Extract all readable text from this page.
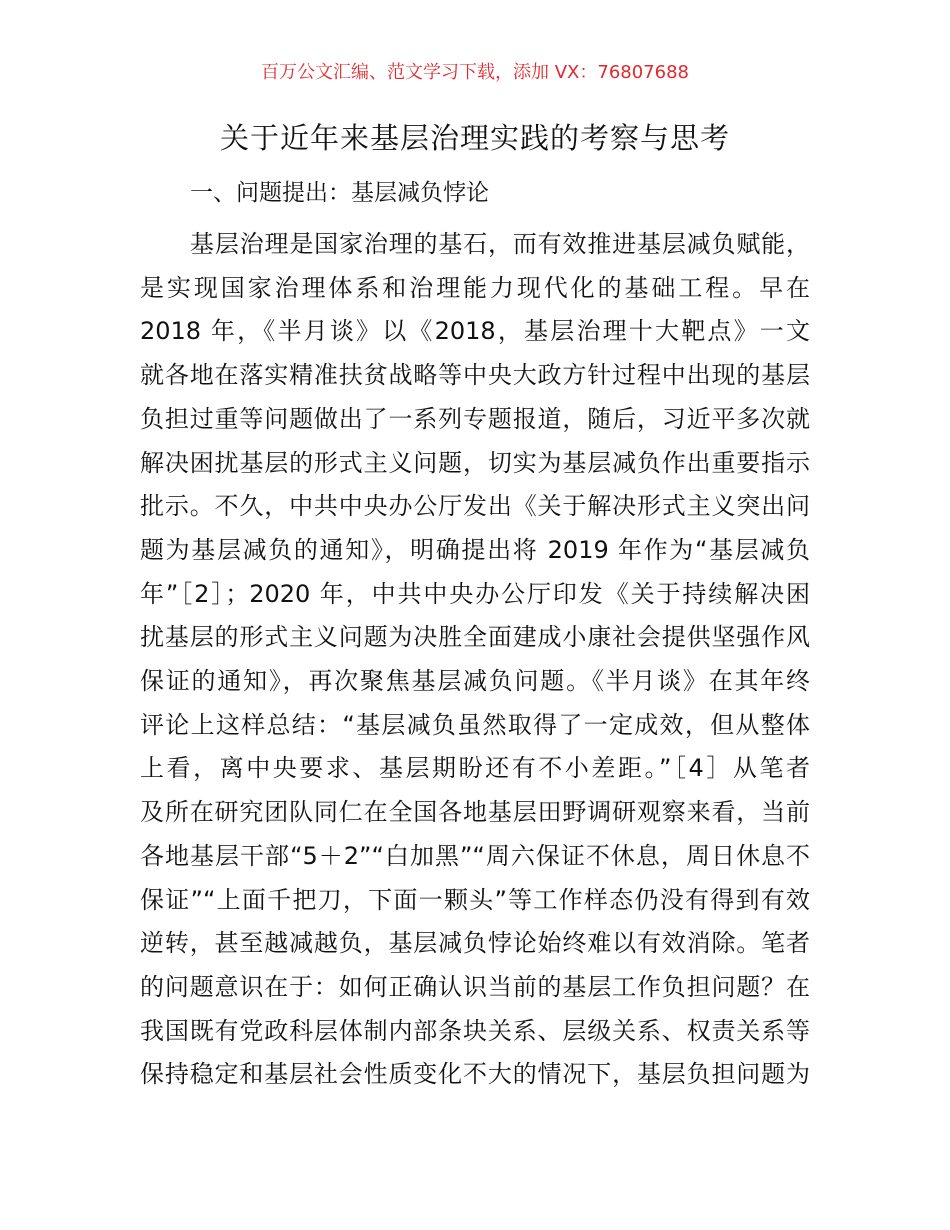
百万公文汇编、范文学习下载，添加 VX：76807688
关于近年来基层治理实践的考察与思考
一、问题提出：基层减负悖论
基层治理是国家治理的基石，而有效推进基层减负赋能，
是实现国家治理体系和治理能力现代化的基础工程。早在
2018 年，《半月谈》以《2018，基层治理十大靶点》一文
就各地在落实精准扶贫战略等中央大政方针过程中出现的基层
负担过重等问题做出了一系列专题报道，随后，习近平多次就
解决困扰基层的形式主义问题，切实为基层减负作出重要指示
批示。不久，中共中央办公厅发出《关于解决形式主义突出问
题为基层减负的通知》，明确提出将 2019 年作为“基层减负
年”［2］；2020 年，中共中央办公厅印发《关于持续解决困
扰基层的形式主义问题为决胜全面建成小康社会提供坚强作风
保证的通知》，再次聚焦基层减负问题。《半月谈》在其年终
评论上这样总结：“基层减负虽然取得了一定成效，但从整体
上看，离中央要求、基层期盼还有不小差距。”［4］从笔者
及所在研究团队同仁在全国各地基层田野调研观察来看，当前
各地基层干部“5＋2”“白加黑”“周六保证不休息，周日休息不
保证”“上面千把刀，下面一颗头”等工作样态仍没有得到有效
逆转，甚至越减越负，基层减负悖论始终难以有效消除。笔者
的问题意识在于：如何正确认识当前的基层工作负担问题？在
我国既有党政科层体制内部条块关系、层级关系、权责关系等
保持稳定和基层社会性质变化不大的情况下，基层负担问题为
